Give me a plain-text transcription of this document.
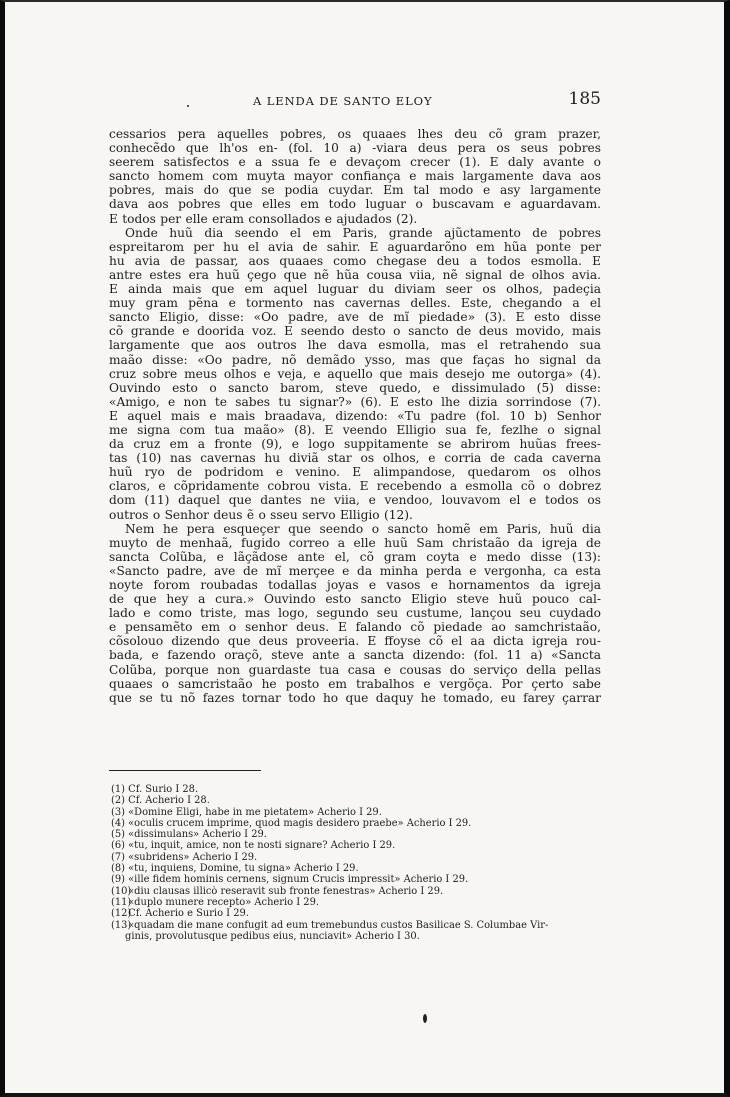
A LENDA DE SANTO ELOY	185
cessarios pera aquelles pobres, os quaaes lhes deu cõ gram prazer,
conhecẽdo que lh'os en- (fol. 10 a) -viara deus pera os seus pobres
seerem satisfectos e a ssua fe e devaçom crecer (1). E daly avante o
sancto homem com muyta mayor confiança e mais largamente dava aos
pobres, mais do que se podia cuydar. Em tal modo e asy largamente
dava aos pobres que elles em todo luguar o buscavam e aguardavam.
E todos per elle eram consollados e ajudados (2).
Onde huũ dia seendo el em Paris, grande ajũctamento de pobres
espreitarom per hu el avia de sahir. E aguardarõno em hũa ponte per
hu avia de passar, aos quaaes como chegase deu a todos esmolla. E
antre estes era huũ çego que nẽ hũa cousa viia, nẽ signal de olhos avia.
E ainda mais que em aquel luguar du diviam seer os olhos, padeçia
muy gram pẽna e tormento nas cavernas delles. Este, chegando a el
sancto Eligio, disse: «Oo padre, ave de mĩ piedade» (3). E esto disse
cõ grande e doorida voz. E seendo desto o sancto de deus movido, mais
largamente que aos outros lhe dava esmolla, mas el retrahendo sua
maão disse: «Oo padre, nõ demãdo ysso, mas que faças ho signal da
cruz sobre meus olhos e veja, e aquello que mais desejo me outorga» (4).
Ouvindo esto o sancto barom, steve quedo, e dissimulado (5) disse:
«Amigo, e non te sabes tu signar?» (6). E esto lhe dizia sorrindose (7).
E aquel mais e mais braadava, dizendo: «Tu padre (fol. 10 b) Senhor
me signa com tua maão» (8). E veendo Elligio sua fe, fezlhe o signal
da cruz em a fronte (9), e logo suppitamente se abrirom huũas frees-
tas (10) nas cavernas hu diviã star os olhos, e corria de cada caverna
huũ ryo de podridom e venino. E alimpandose, quedarom os olhos
claros, e cõpridamente cobrou vista. E recebendo a esmolla cõ o dobrez
dom (11) daquel que dantes ne viia, e vendoo, louvavom el e todos os
outros o Senhor deus ẽ o sseu servo Elligio (12).
Nem he pera esqueçer que seendo o sancto homẽ em Paris, huũ dia
muyto de menhaã, fugido correo a elle huũ Sam christaão da igreja de
sancta Colũba, e lãçãdose ante el, cõ gram coyta e medo disse (13):
«Sancto padre, ave de mĩ merçee e da minha perda e vergonha, ca esta
noyte forom roubadas todallas joyas e vasos e hornamentos da igreja
de que hey a cura.» Ouvindo esto sancto Eligio steve huũ pouco cal-
lado e como triste, mas logo, segundo seu custume, lançou seu cuydado
e pensamẽto em o senhor deus. E falando cõ piedade ao samchristaão,
cõsolouo dizendo que deus proveeria. E ffoyse cõ el aa dicta igreja rou-
bada, e fazendo oraçõ, steve ante a sancta dizendo: (fol. 11 a) «Sancta
Colũba, porque non guardaste tua casa e cousas do serviço della pellas
quaaes o samcristaão he posto em trabalhos e vergõça. Por çerto sabe
que se tu nõ fazes tornar todo ho que daquy he tomado, eu farey çarrar
(1) Cf. Surio I 28.
(2) Cf. Acherio I 28.
(3) «Domine Eligi, habe in me pietatem» Acherio I 29.
(4) «oculis crucem imprime, quod magis desidero praebe» Acherio I 29.
(5) «dissimulans» Acherio I 29.
(6) «tu, inquit, amice, non te nosti signare? Acherio I 29.
(7) «subridens» Acherio I 29.
(8) «tu, inquiens, Domine, tu signa» Acherio I 29.
(9) «ille fidem hominis cernens, signum Crucis impressit» Acherio I 29.
(10) «diu clausas illicò reseravit sub fronte fenestras» Acherio I 29.
(11) «duplo munere recepto» Acherio I 29.
(12) Cf. Acherio e Surio I 29.
(13) «quadam die mane confugit ad eum tremebundus custos Basilicae S. Columbae Vir-
ginis, provolutusque pedibus eius, nunciavit» Acherio I 30.
